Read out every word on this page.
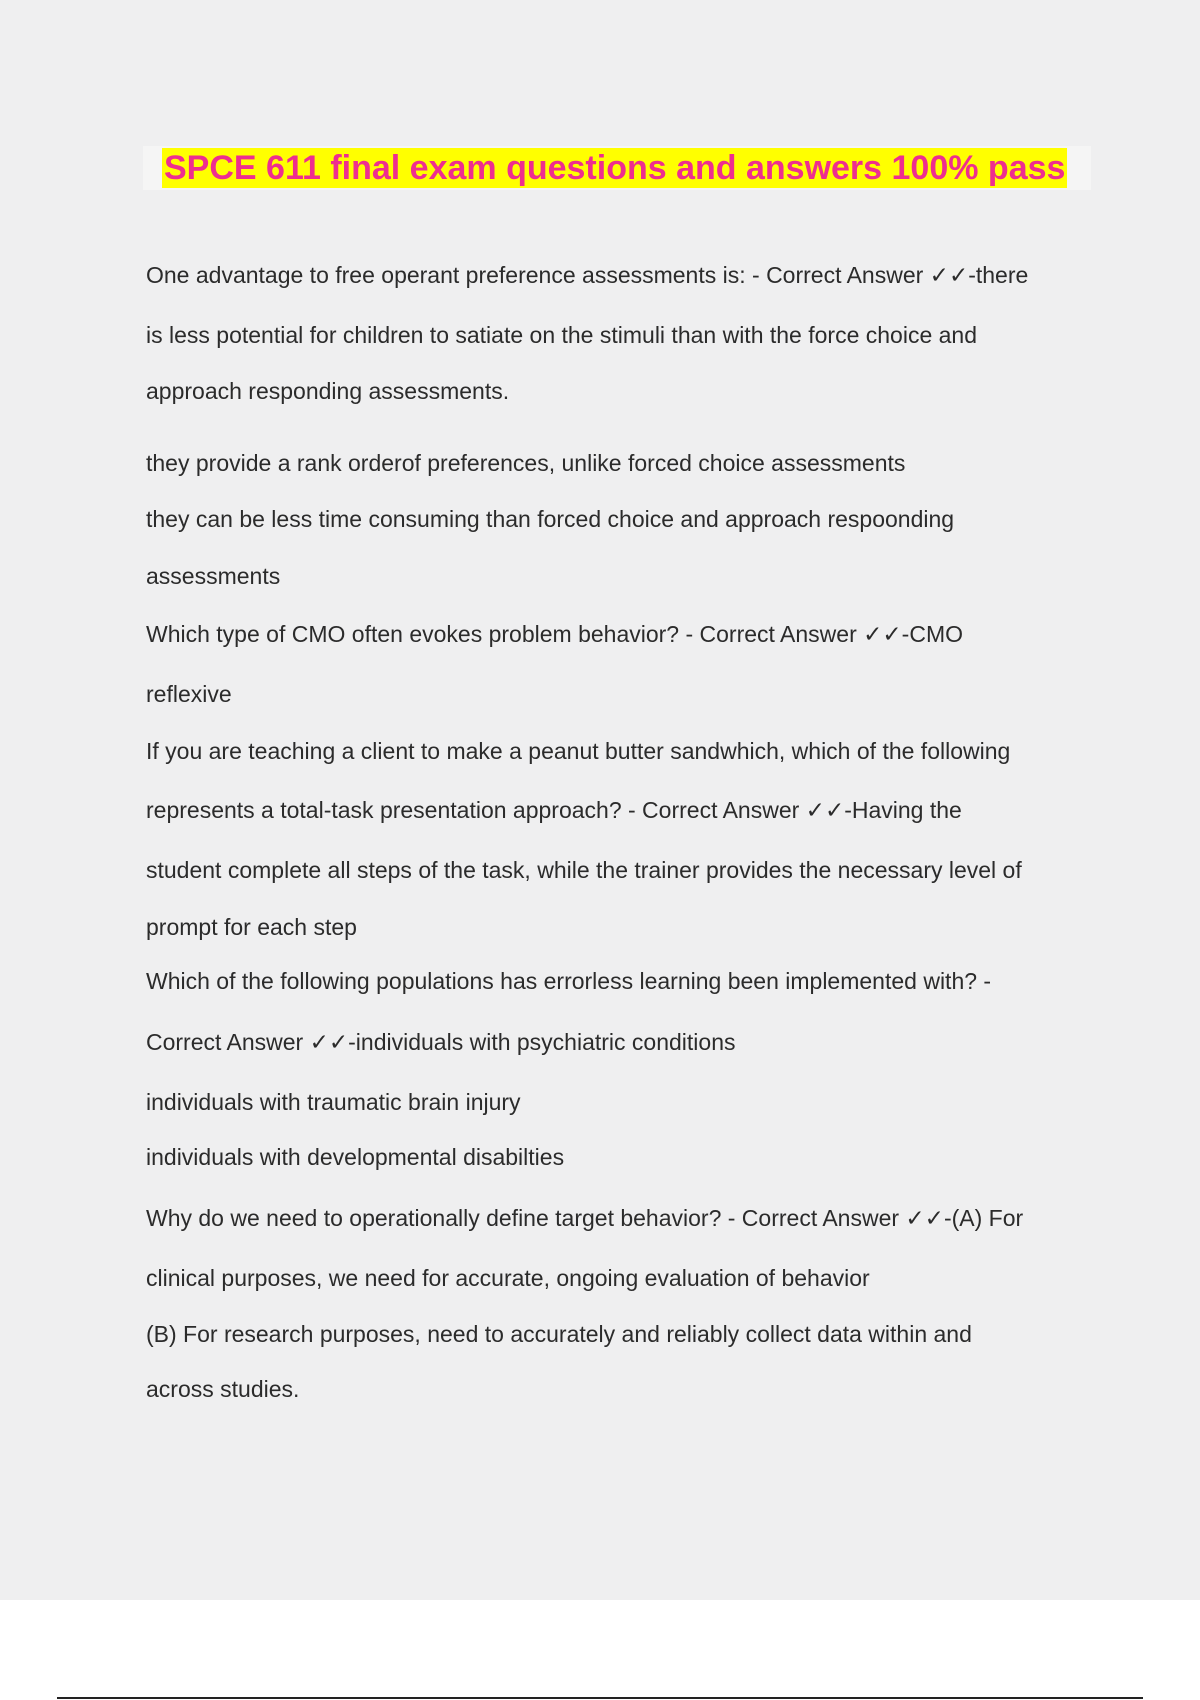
SPCE 611 final exam questions and answers 100% pass

One advantage to free operant preference assessments is: - Correct Answer ✓✓-there

is less potential for children to satiate on the stimuli than with the force choice and

approach responding assessments.

they provide a rank orderof preferences, unlike forced choice assessments

they can be less time consuming than forced choice and approach respoonding

assessments

Which type of CMO often evokes problem behavior? - Correct Answer ✓✓-CMO

reflexive

If you are teaching a client to make a peanut butter sandwhich, which of the following

represents a total-task presentation approach? - Correct Answer ✓✓-Having the

student complete all steps of the task, while the trainer provides the necessary level of

prompt for each step

Which of the following populations has errorless learning been implemented with? -

Correct Answer ✓✓-individuals with psychiatric conditions

individuals with traumatic brain injury

individuals with developmental disabilties

Why do we need to operationally define target behavior? - Correct Answer ✓✓-(A) For

clinical purposes, we need for accurate, ongoing evaluation of behavior

(B) For research purposes, need to accurately and reliably collect data within and

across studies.
